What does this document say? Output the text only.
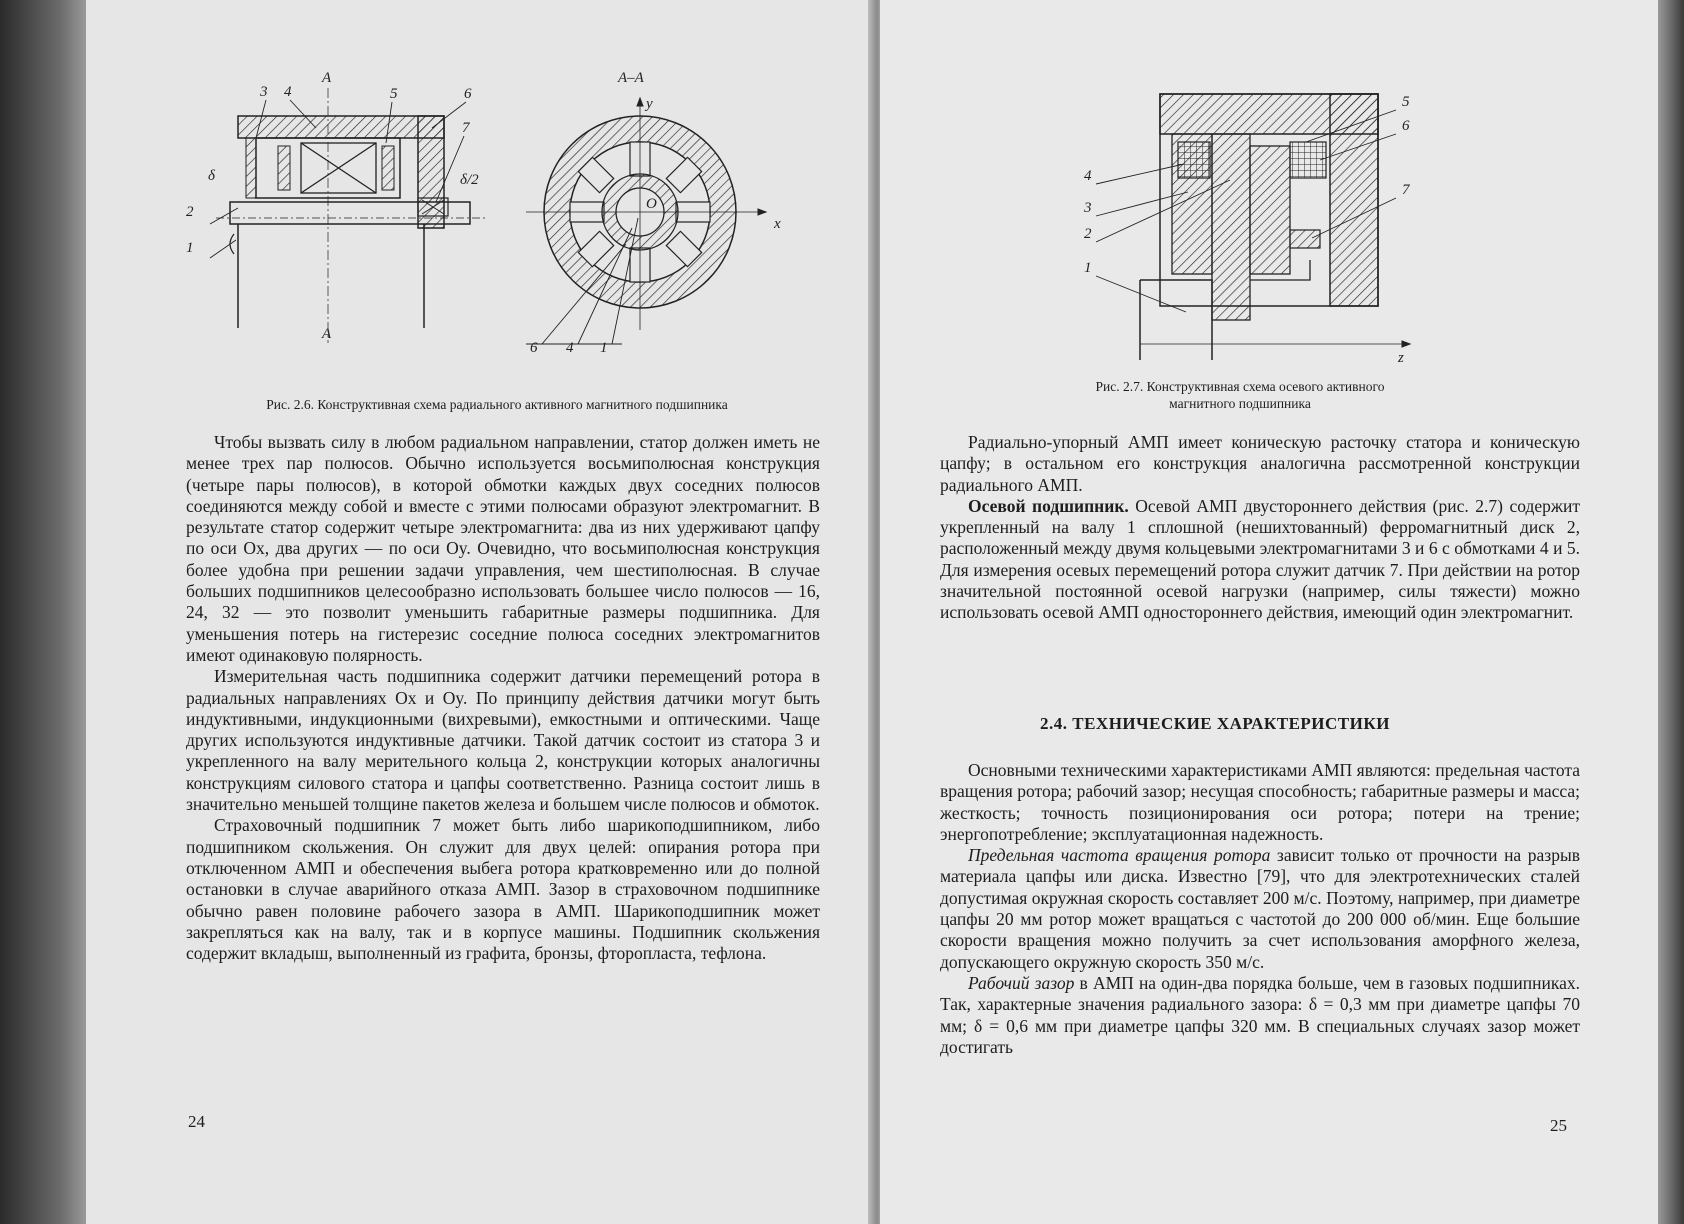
3 4	5	6
7
δ	δ/2
2
1
А
А
А–А
y
x
O
6 4 1
Рис. 2.6. Конструктивная схема радиального активного магнитного подшипника

Чтобы вызвать силу в любом радиальном направлении, статор должен иметь не менее трех пар полюсов. Обычно используется восьмиполюсная конструкция (четыре пары полюсов), в которой обмотки каждых двух соседних полюсов соединяются между собой и вместе с этими полюсами образуют электромагнит. В результате статор содержит четыре электромагнита: два из них удерживают цапфу по оси Ox, два других — по оси Oy. Очевидно, что восьмиполюсная конструкция более удобна при решении задачи управления, чем шестиполюсная. В случае больших подшипников целесообразно использовать большее число полюсов — 16, 24, 32 — это позволит уменьшить габаритные размеры подшипника. Для уменьшения потерь на гистерезис соседние полюса соседних электромагнитов имеют одинаковую полярность.

Измерительная часть подшипника содержит датчики перемещений ротора в радиальных направлениях Ox и Oy. По принципу действия датчики могут быть индуктивными, индукционными (вихревыми), емкостными и оптическими. Чаще других используются индуктивные датчики. Такой датчик состоит из статора 3 и укрепленного на валу мерительного кольца 2, конструкции которых аналогичны конструкциям силового статора и цапфы соответственно. Разница состоит лишь в значительно меньшей толщине пакетов железа и большем числе полюсов и обмоток.

Страховочный подшипник 7 может быть либо шарикоподшипником, либо подшипником скольжения. Он служит для двух целей: опирания ротора при отключенном АМП и обеспечения выбега ротора кратковременно или до полной остановки в случае аварийного отказа АМП. Зазор в страховочном подшипнике обычно равен половине рабочего зазора в АМП. Шарикоподшипник может закрепляться как на валу, так и в корпусе машины. Подшипник скольжения содержит вкладыш, выполненный из графита, бронзы, фторопласта, тефлона.

24
z
5
6
7
4
3
2
1
Рис. 2.7. Конструктивная схема осевого активного
магнитного подшипника

Радиально-упорный АМП имеет коническую расточку статора и коническую цапфу; в остальном его конструкция аналогична рассмотренной конструкции радиального АМП.

Осевой подшипник. Осевой АМП двустороннего действия (рис. 2.7) содержит укрепленный на валу 1 сплошной (нешихтованный) ферромагнитный диск 2, расположенный между двумя кольцевыми электромагнитами 3 и 6 с обмотками 4 и 5. Для измерения осевых перемещений ротора служит датчик 7. При действии на ротор значительной постоянной осевой нагрузки (например, силы тяжести) можно использовать осевой АМП одностороннего действия, имеющий один электромагнит.

2.4. ТЕХНИЧЕСКИЕ ХАРАКТЕРИСТИКИ

Основными техническими характеристиками АМП являются: предельная частота вращения ротора; рабочий зазор; несущая способность; габаритные размеры и масса; жесткость; точность позиционирования оси ротора; потери на трение; энергопотребление; эксплуатационная надежность.

Предельная частота вращения ротора зависит только от прочности на разрыв материала цапфы или диска. Известно [79], что для электротехнических сталей допустимая окружная скорость составляет 200 м/с. Поэтому, например, при диаметре цапфы 20 мм ротор может вращаться с частотой до 200 000 об/мин. Еще большие скорости вращения можно получить за счет использования аморфного железа, допускающего окружную скорость 350 м/с.

Рабочий зазор в АМП на один-два порядка больше, чем в газовых подшипниках. Так, характерные значения радиального зазора: δ = 0,3 мм при диаметре цапфы 70 мм; δ = 0,6 мм при диаметре цапфы 320 мм. В специальных случаях зазор может достигать

25
